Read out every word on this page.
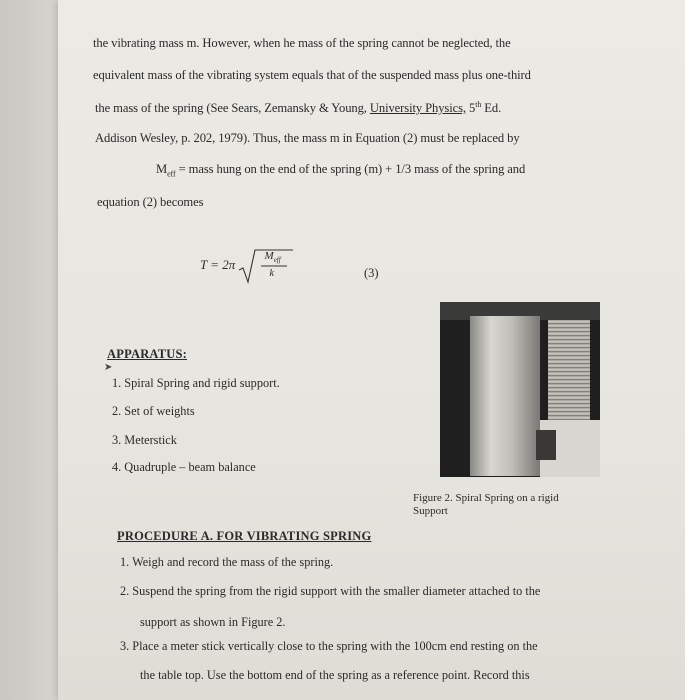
the vibrating mass m. However, when he mass of the spring cannot be neglected, the
equivalent mass of the vibrating system equals that of the suspended mass plus one-third
the mass of the spring (See Sears, Zemansky & Young, University Physics, 5th Ed.
Addison Wesley, p. 202, 1979). Thus, the mass m in Equation (2) must be replaced by
$M_{eff}$ = mass hung on the end of the spring (m) + 1/3 mass of the spring and
equation (2) becomes
T = 2π
$M_{eff}$
k	(3)
APPARATUS:
➤
1. Spiral Spring and rigid support.
2. Set of weights
3. Meterstick
4. Quadruple – beam balance
Figure 2. Spiral Spring on a rigid
Support
PROCEDURE A. FOR VIBRATING SPRING
1. Weigh and record the mass of the spring.
2. Suspend the spring from the rigid support with the smaller diameter attached to the
support as shown in Figure 2.
3. Place a meter stick vertically close to the spring with the 100cm end resting on the
the table top. Use the bottom end of the spring as a reference point. Record this
